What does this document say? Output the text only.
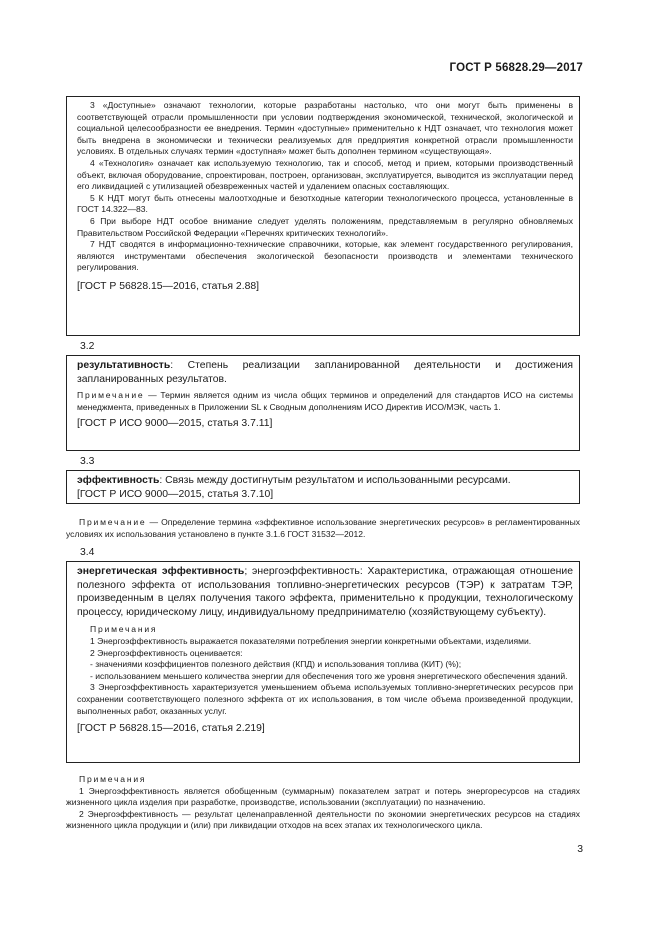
ГОСТ Р 56828.29—2017

3 «Доступные» означают технологии, которые разработаны настолько, что они могут быть применены в соответствующей отрасли промышленности при условии подтверждения экономической, технической, экологической и социальной целесообразности ее внедрения. Термин «доступные» применительно к НДТ означает, что технология может быть внедрена в экономически и технически реализуемых для предприятия конкретной отрасли промышленности условиях. В отдельных случаях термин «доступная» может быть дополнен термином «существующая».

4 «Технология» означает как используемую технологию, так и способ, метод и прием, которыми производственный объект, включая оборудование, спроектирован, построен, организован, эксплуатируется, выводится из эксплуатации перед его ликвидацией с утилизацией обезвреженных частей и удалением опасных составляющих.

5 К НДТ могут быть отнесены малоотходные и безотходные категории технологического процесса, установленные в ГОСТ 14.322—83.

6 При выборе НДТ особое внимание следует уделять положениям, представляемым в регулярно обновляемых Правительством Российской Федерации «Перечнях критических технологий».

7 НДТ сводятся в информационно-технические справочники, которые, как элемент государственного регулирования, являются инструментами обеспечения экологической безопасности производств и элементами технического регулирования.

[ГОСТ Р 56828.15—2016, статья 2.88]

3.2

результативность: Степень реализации запланированной деятельности и достижения запланированных результатов.

Примечание — Термин является одним из числа общих терминов и определений для стандартов ИСО на системы менеджмента, приведенных в Приложении SL к Сводным дополнениям ИСО Директив ИСО/МЭК, часть 1.

[ГОСТ Р ИСО 9000—2015, статья 3.7.11]

3.3

эффективность: Связь между достигнутым результатом и использованными ресурсами.

[ГОСТ Р ИСО 9000—2015, статья 3.7.10]

Примечание — Определение термина «эффективное использование энергетических ресурсов» в регламентированных условиях их использования установлено в пункте 3.1.6 ГОСТ 31532—2012.

3.4

энергетическая эффективность; энергоэффективность: Характеристика, отражающая отношение полезного эффекта от использования топливно-энергетических ресурсов (ТЭР) к затратам ТЭР, произведенным в целях получения такого эффекта, применительно к продукции, технологическому процессу, юридическому лицу, индивидуальному предпринимателю (хозяйствующему субъекту).

Примечания

1 Энергоэффективность выражается показателями потребления энергии конкретными объектами, изделиями.

2 Энергоэффективность оценивается:

- значениями коэффициентов полезного действия (КПД) и использования топлива (КИТ) (%);

- использованием меньшего количества энергии для обеспечения того же уровня энергетического обеспечения зданий.

3 Энергоэффективность характеризуется уменьшением объема используемых топливно-энергетических ресурсов при сохранении соответствующего полезного эффекта от их использования, в том числе объема произведенной продукции, выполненных работ, оказанных услуг.

[ГОСТ Р 56828.15—2016, статья 2.219]

Примечания

1 Энергоэффективность является обобщенным (суммарным) показателем затрат и потерь энергоресурсов на стадиях жизненного цикла изделия при разработке, производстве, использовании (эксплуатации) по назначению.

2 Энергоэффективность — результат целенаправленной деятельности по экономии энергетических ресурсов на стадиях жизненного цикла продукции и (или) при ликвидации отходов на всех этапах их технологического цикла.

3
